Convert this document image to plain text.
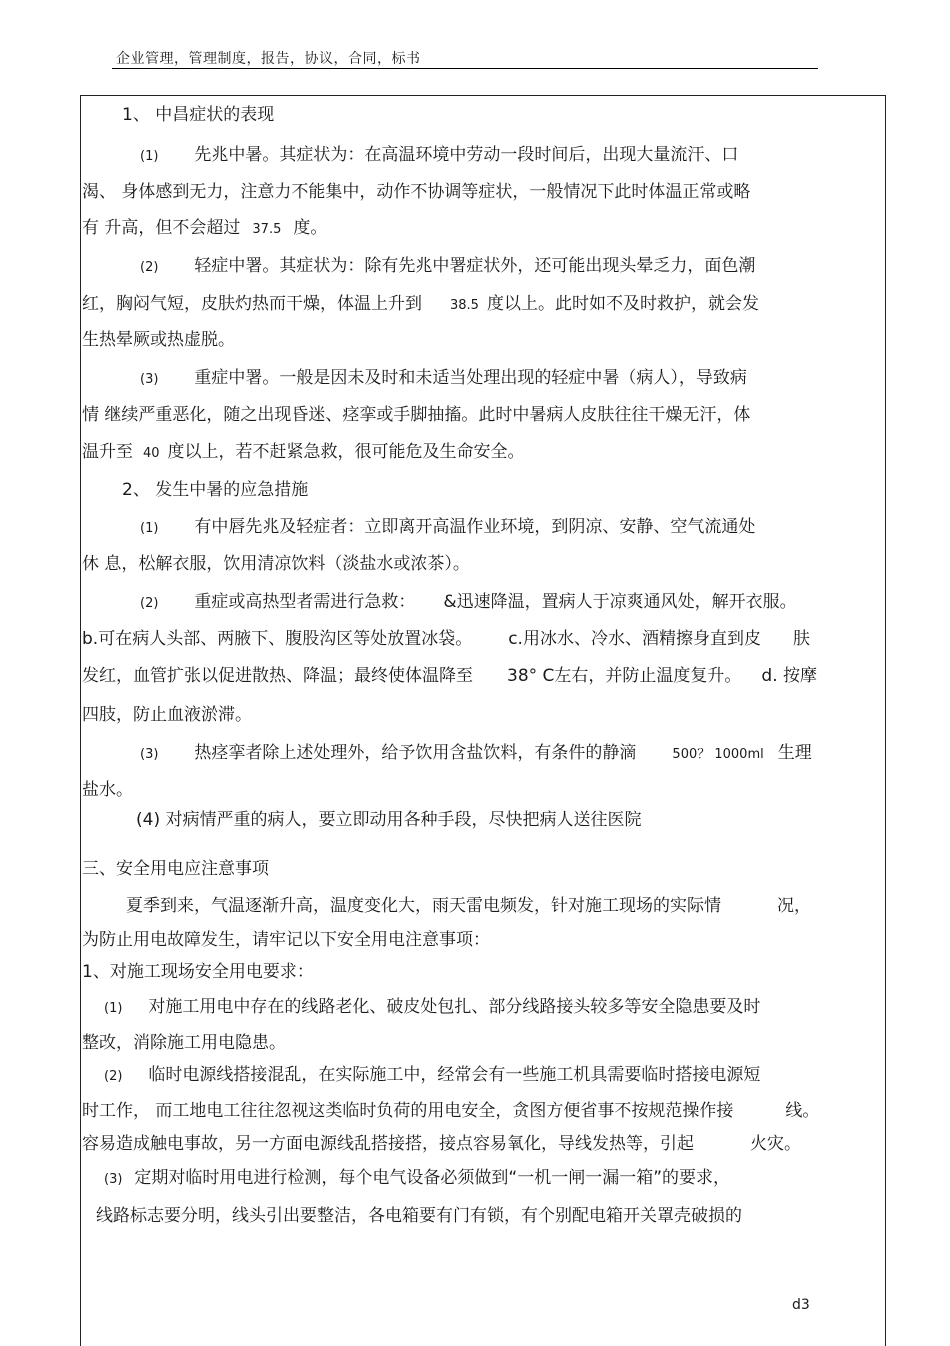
企业管理，管理制度，报告，协议，合同，标书
1、 中昌症状的表现
(1) 先兆中暑。其症状为：在高温环境中劳动一段时间后，出现大量流汗、口
渴、 身体感到无力，注意力不能集中，动作不协调等症状，一般情况下此时体温正常或略
有 升高，但不会超过 37.5 度。
(2) 轻症中署。其症状为：除有先兆中署症状外，还可能出现头晕乏力，面色潮
红，胸闷气短，皮肤灼热而干燥，体温上升到 38.5 度以上。此时如不及时救护，就会发
生热晕厥或热虚脱。
(3) 重症中署。一般是因未及时和未适当处理出现的轻症中暑（病人），导致病
情 继续严重恶化，随之出现昏迷、痉挛或手脚抽搐。此时中暑病人皮肤往往干燥无汗，体
温升至 40 度以上，若不赶紧急救，很可能危及生命安全。
2、 发生中暑的应急措施
(1) 有中唇先兆及轻症者：立即离开高温作业环境，到阴凉、安静、空气流通处
休 息，松解衣服，饮用清凉饮料（淡盐水或浓茶）。
(2) 重症或高热型者需进行急救： &迅速降温，置病人于凉爽通风处，解开衣服。
b.可在病人头部、两腋下、腹股沟区等处放置冰袋。 c.用冰水、冷水、酒精擦身直到皮 肤
发红，血管扩张以促进散热、降温；最终使体温降至 38° C左右，并防止温度复升。 d. 按摩
四肢，防止血液淤滞。
(3) 热痉挛者除上述处理外，给予饮用含盐饮料，有条件的静滴	500？ 1000ml 生理
盐水。
(4) 对病情严重的病人，要立即动用各种手段，尽快把病人送往医院
三、安全用电应注意事项
夏季到来，气温逐渐升高，温度变化大，雨天雷电频发，针对施工现场的实际情	况，
为防止用电故障发生，请牢记以下安全用电注意事项：
1、对施工现场安全用电要求：
(1) 对施工用电中存在的线路老化、破皮处包扎、部分线路接头较多等安全隐患要及时
整改，消除施工用电隐患。
(2) 临时电源线搭接混乱，在实际施工中，经常会有一些施工机具需要临时搭接电源短
时工作， 而工地电工往往忽视这类临时负荷的用电安全，贪图方便省事不按规范操作接	线。
容易造成触电事故，另一方面电源线乱搭接搭，接点容易氧化，导线发热等，引起	火灾。
(3) 定期对临时用电进行检测，每个电气设备必须做到“一机一闸一漏一箱”的要求，
线路标志要分明，线头引出要整洁，各电箱要有门有锁，有个别配电箱开关罩壳破损的
d3
